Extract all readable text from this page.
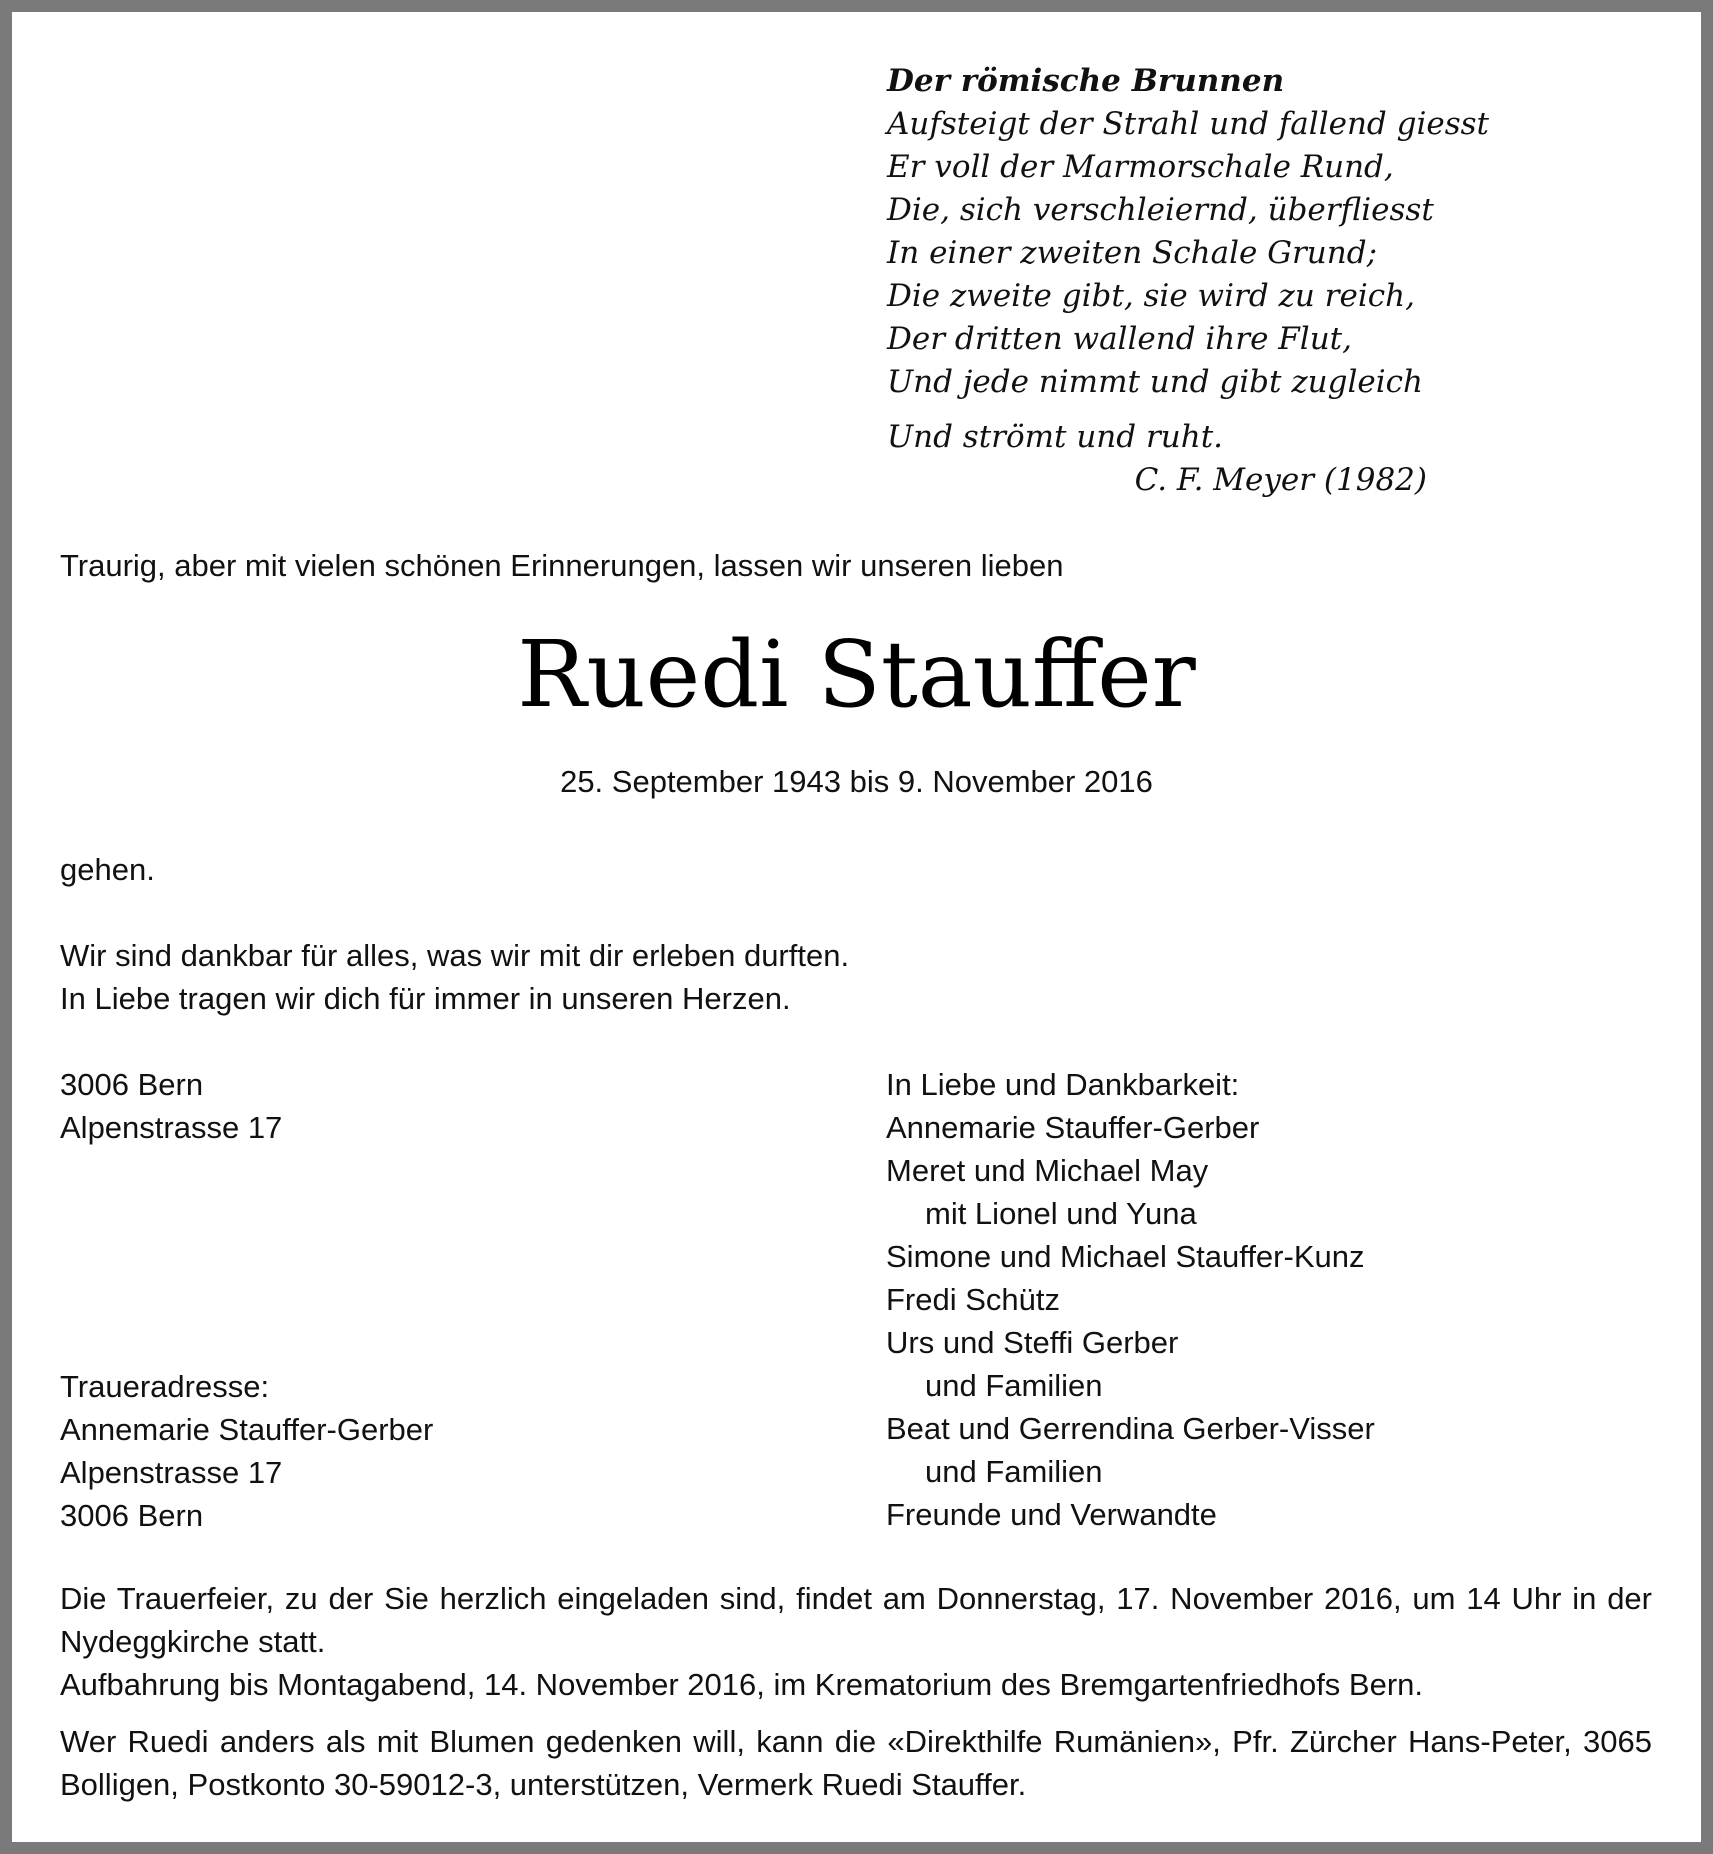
Der römische Brunnen
Aufsteigt der Strahl und fallend giesst
Er voll der Marmorschale Rund,
Die, sich verschleiernd, überfliesst
In einer zweiten Schale Grund;
Die zweite gibt, sie wird zu reich,
Der dritten wallend ihre Flut,
Und jede nimmt und gibt zugleich
Und strömt und ruht.
C. F. Meyer (1982)
Traurig, aber mit vielen schönen Erinnerungen, lassen wir unseren lieben
Ruedi Stauffer
25. September 1943 bis 9. November 2016
gehen.
Wir sind dankbar für alles, was wir mit dir erleben durften.
In Liebe tragen wir dich für immer in unseren Herzen.
3006 Bern
Alpenstrasse 17
Traueradresse:
Annemarie Stauffer-Gerber
Alpenstrasse 17
3006 Bern
In Liebe und Dankbarkeit:
Annemarie Stauffer-Gerber
Meret und Michael May
mit Lionel und Yuna
Simone und Michael Stauffer-Kunz
Fredi Schütz
Urs und Steffi Gerber
und Familien
Beat und Gerrendina Gerber-Visser
und Familien
Freunde und Verwandte
Die Trauerfeier, zu der Sie herzlich eingeladen sind, findet am Donnerstag, 17. November 2016, um 14 Uhr in der Nydeggkirche statt.
Aufbahrung bis Montagabend, 14. November 2016, im Krematorium des Bremgartenfriedhofs Bern.
Wer Ruedi anders als mit Blumen gedenken will, kann die «Direkthilfe Rumänien», Pfr. Zürcher Hans-Peter, 3065 Bolligen, Postkonto 30-59012-3, unterstützen, Vermerk Ruedi Stauffer.
